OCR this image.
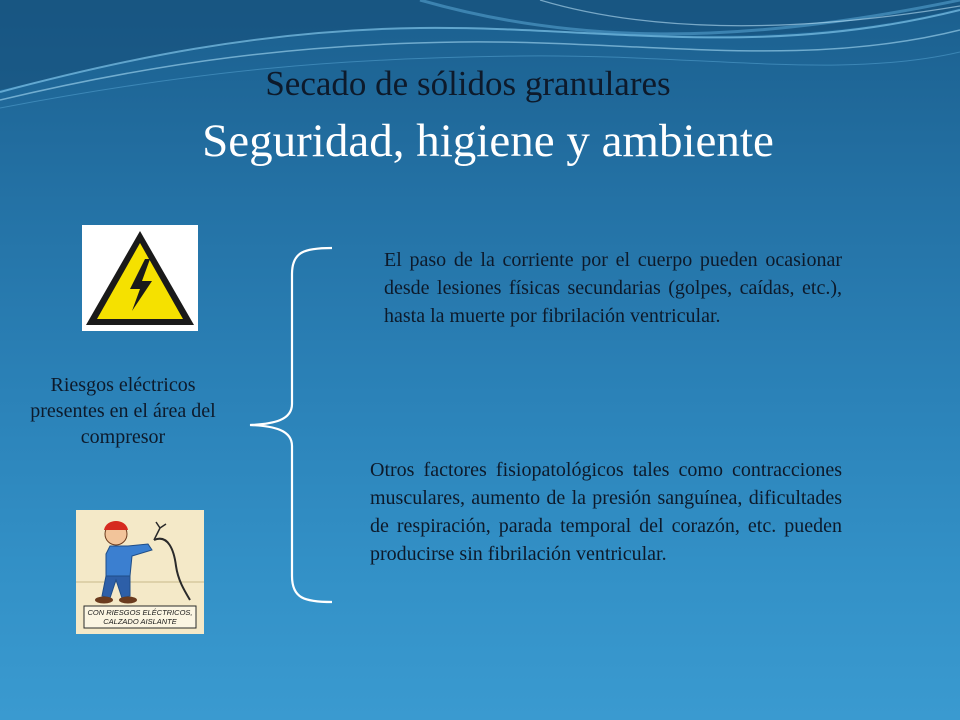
Secado de sólidos granulares
Seguridad, higiene y ambiente
Riesgos eléctricos presentes en el área del compresor

El paso de la corriente por el cuerpo pueden ocasionar desde lesiones físicas secundarias (golpes, caídas, etc.), hasta la muerte por fibrilación ventricular.

Otros factores fisiopatológicos tales como contracciones musculares, aumento de la presión sanguínea, dificultades de respiración, parada temporal del corazón, etc. pueden producirse sin fibrilación ventricular.

CON RIESGOS ELÉCTRICOS,
CALZADO AISLANTE
